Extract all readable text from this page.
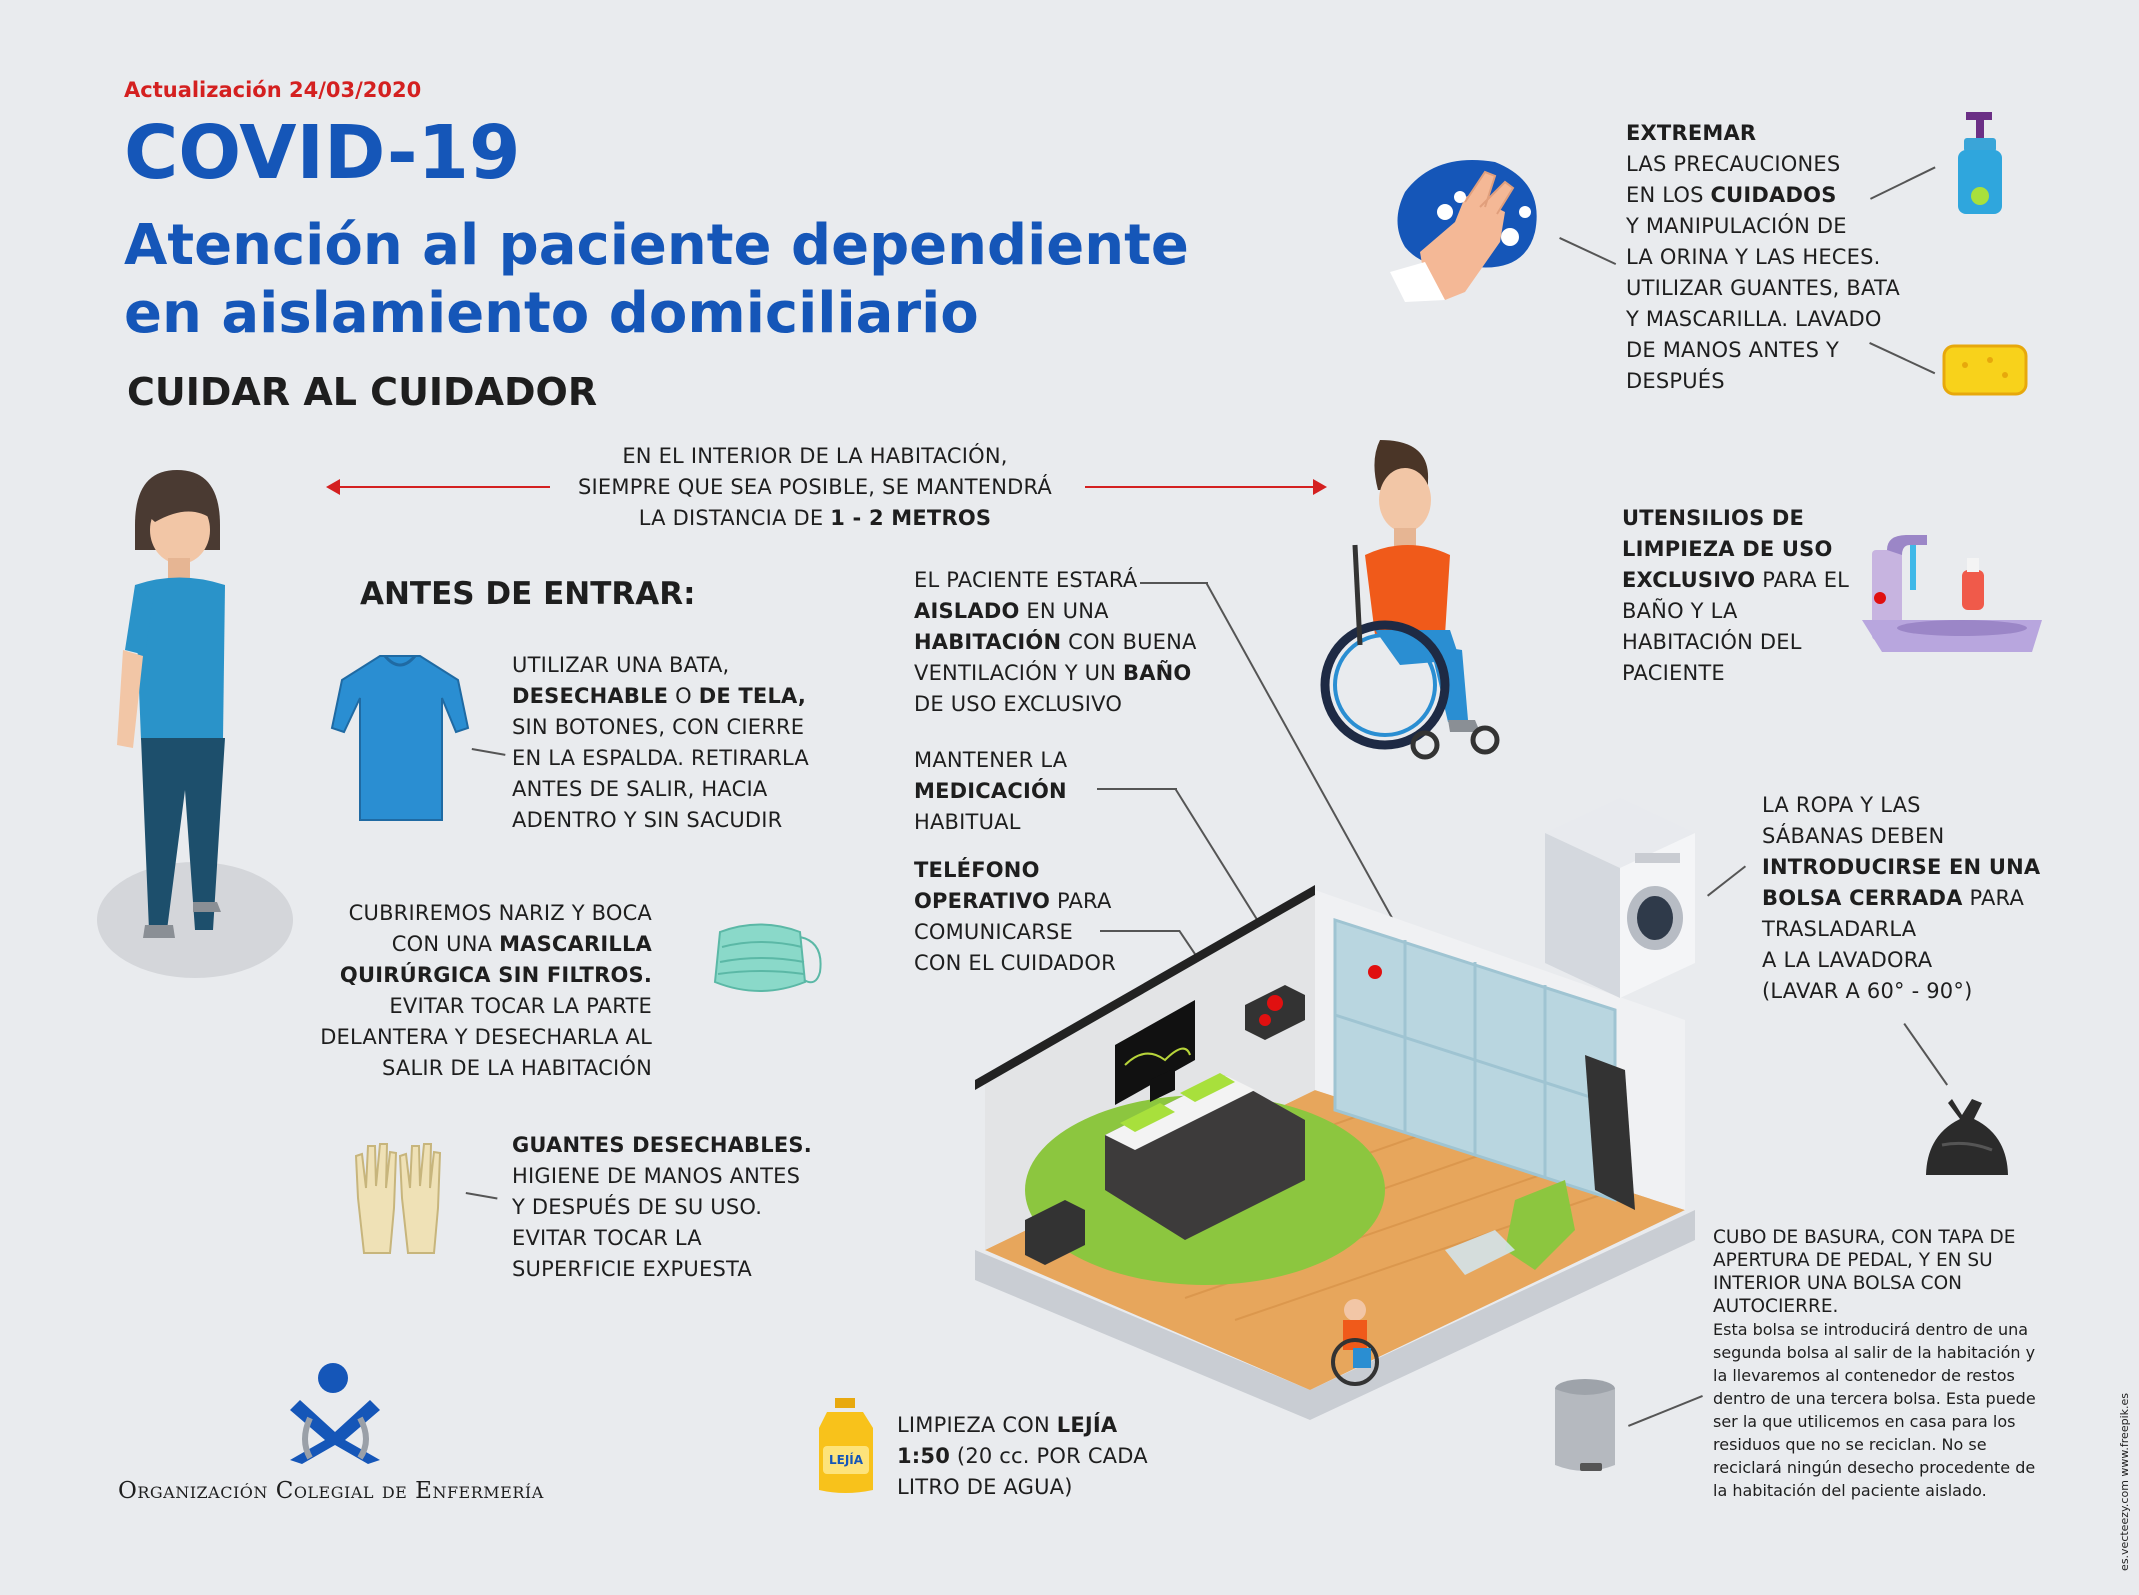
Actualización 24/03/2020
COVID-19
Atención al paciente dependiente en aislamiento domiciliario
CUIDAR AL CUIDADOR
EN EL INTERIOR DE LA HABITACIÓN,
SIEMPRE QUE SEA POSIBLE, SE MANTENDRÁ
LA DISTANCIA DE 1 - 2 METROS
ANTES DE ENTRAR:
UTILIZAR UNA BATA,
DESECHABLE O DE TELA,
SIN BOTONES, CON CIERRE
EN LA ESPALDA. RETIRARLA
ANTES DE SALIR, HACIA
ADENTRO Y SIN SACUDIR
CUBRIREMOS NARIZ Y BOCA
CON UNA MASCARILLA
QUIRÚRGICA SIN FILTROS.
EVITAR TOCAR LA PARTE
DELANTERA Y DESECHARLA AL
SALIR DE LA HABITACIÓN
GUANTES DESECHABLES.
HIGIENE DE MANOS ANTES
Y DESPUÉS DE SU USO.
EVITAR TOCAR LA
SUPERFICIE EXPUESTA
Organización Colegial de Enfermería
EL PACIENTE ESTARÁ
AISLADO EN UNA
HABITACIÓN CON BUENA
VENTILACIÓN Y UN BAÑO
DE USO EXCLUSIVO
MANTENER LA
MEDICACIÓN
HABITUAL
TELÉFONO
OPERATIVO PARA
COMUNICARSE
CON EL CUIDADOR
EXTREMAR
LAS PRECAUCIONES
EN LOS CUIDADOS
Y MANIPULACIÓN DE
LA ORINA Y LAS HECES.
UTILIZAR GUANTES, BATA
Y MASCARILLA. LAVADO
DE MANOS ANTES Y
DESPUÉS
UTENSILIOS DE
LIMPIEZA DE USO
EXCLUSIVO PARA EL
BAÑO Y LA
HABITACIÓN DEL
PACIENTE
LA ROPA Y LAS
SÁBANAS DEBEN
INTRODUCIRSE EN UNA
BOLSA CERRADA PARA
TRASLADARLA
A LA LAVADORA
(LAVAR A 60° - 90°)
CUBO DE BASURA, CON TAPA DE
APERTURA DE PEDAL, Y EN SU
INTERIOR UNA BOLSA CON
AUTOCIERRE.
Esta bolsa se introducirá dentro de una
segunda bolsa al salir de la habitación y
la llevaremos al contenedor de restos
dentro de una tercera bolsa. Esta puede
ser la que utilicemos en casa para los
residuos que no se reciclan. No se
reciclará ningún desecho procedente de
la habitación del paciente aislado.
LEJÍA
LIMPIEZA CON LEJÍA
1:50 (20 cc. POR CADA
LITRO DE AGUA)	es.vecteezy.com www.freepik.es
